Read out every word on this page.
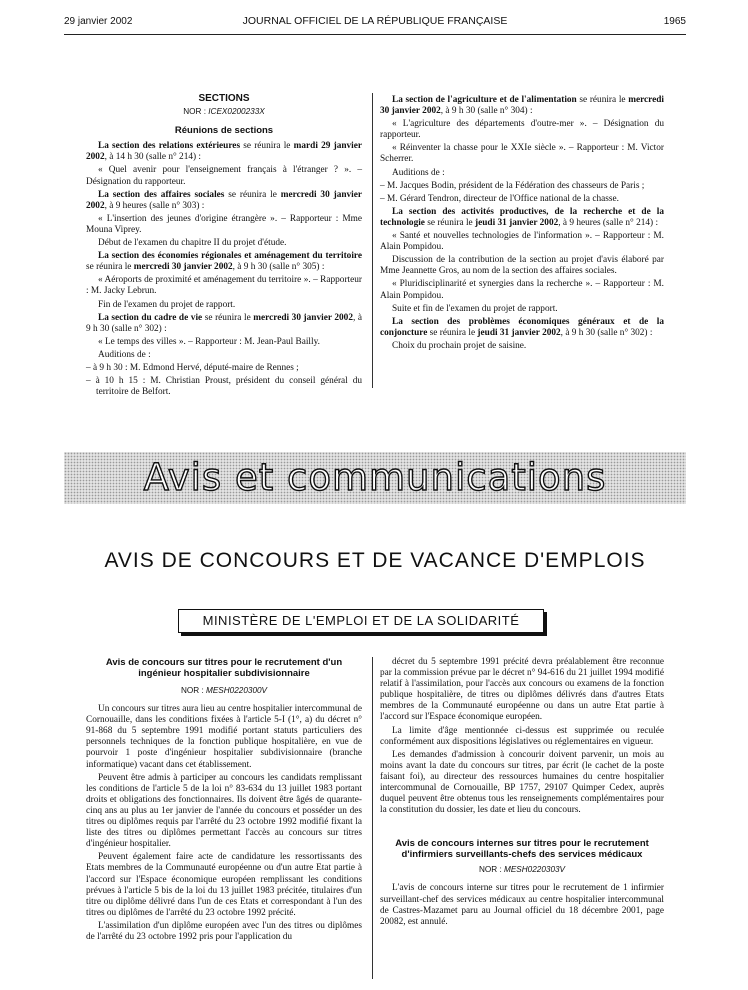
29 janvier 2002	JOURNAL OFFICIEL DE LA RÉPUBLIQUE FRANÇAISE	1965
SECTIONS
NOR : ICEX0200233X
Réunions de sections

La section des relations extérieures se réunira le mardi 29 janvier 2002, à 14 h 30 (salle n° 214) :

« Quel avenir pour l'enseignement français à l'étranger ? ». – Désignation du rapporteur.

La section des affaires sociales se réunira le mercredi 30 janvier 2002, à 9 heures (salle n° 303) :

« L'insertion des jeunes d'origine étrangère ». – Rapporteur : Mme Mouna Viprey.

Début de l'examen du chapitre II du projet d'étude.

La section des économies régionales et aménagement du territoire se réunira le mercredi 30 janvier 2002, à 9 h 30 (salle n° 305) :

« Aéroports de proximité et aménagement du territoire ». – Rapporteur : M. Jacky Lebrun.

Fin de l'examen du projet de rapport.

La section du cadre de vie se réunira le mercredi 30 janvier 2002, à 9 h 30 (salle n° 302) :

« Le temps des villes ». – Rapporteur : M. Jean-Paul Bailly.

Auditions de :

– à 9 h 30 : M. Edmond Hervé, député-maire de Rennes ;

– à 10 h 15 : M. Christian Proust, président du conseil général du territoire de Belfort.

La section de l'agriculture et de l'alimentation se réunira le mercredi 30 janvier 2002, à 9 h 30 (salle n° 304) :

« L'agriculture des départements d'outre-mer ». – Désignation du rapporteur.

« Réinventer la chasse pour le XXIe siècle ». – Rapporteur : M. Victor Scherrer.

Auditions de :

– M. Jacques Bodin, président de la Fédération des chasseurs de Paris ;

– M. Gérard Tendron, directeur de l'Office national de la chasse.

La section des activités productives, de la recherche et de la technologie se réunira le jeudi 31 janvier 2002, à 9 heures (salle n° 214) :

« Santé et nouvelles technologies de l'information ». – Rapporteur : M. Alain Pompidou.

Discussion de la contribution de la section au projet d'avis élaboré par Mme Jeannette Gros, au nom de la section des affaires sociales.

« Pluridisciplinarité et synergies dans la recherche ». – Rapporteur : M. Alain Pompidou.

Suite et fin de l'examen du projet de rapport.

La section des problèmes économiques généraux et de la conjoncture se réunira le jeudi 31 janvier 2002, à 9 h 30 (salle n° 302) :

Choix du prochain projet de saisine.

Avis et communications
AVIS DE CONCOURS ET DE VACANCE D'EMPLOIS
MINISTÈRE DE L'EMPLOI ET DE LA SOLIDARITÉ
Avis de concours sur titres pour le recrutement d'un ingénieur hospitalier subdivisionnaire
NOR : MESH0220300V

Un concours sur titres aura lieu au centre hospitalier intercommunal de Cornouaille, dans les conditions fixées à l'article 5-I (1°, a) du décret n° 91-868 du 5 septembre 1991 modifié portant statuts particuliers des personnels techniques de la fonction publique hospitalière, en vue de pourvoir 1 poste d'ingénieur hospitalier subdivisionnaire (branche informatique) vacant dans cet établissement.

Peuvent être admis à participer au concours les candidats remplissant les conditions de l'article 5 de la loi n° 83-634 du 13 juillet 1983 portant droits et obligations des fonctionnaires. Ils doivent être âgés de quarante-cinq ans au plus au 1er janvier de l'année du concours et posséder un des titres ou diplômes requis par l'arrêté du 23 octobre 1992 modifié fixant la liste des titres ou diplômes permettant l'accès au concours sur titres d'ingénieur hospitalier.

Peuvent également faire acte de candidature les ressortissants des Etats membres de la Communauté européenne ou d'un autre Etat partie à l'accord sur l'Espace économique européen remplissant les conditions prévues à l'article 5 bis de la loi du 13 juillet 1983 précitée, titulaires d'un titre ou diplôme délivré dans l'un de ces Etats et correspondant à l'un des titres ou diplômes de l'arrêté du 23 octobre 1992 précité.

L'assimilation d'un diplôme européen avec l'un des titres ou diplômes de l'arrêté du 23 octobre 1992 pris pour l'application du

décret du 5 septembre 1991 précité devra préalablement être reconnue par la commission prévue par le décret n° 94-616 du 21 juillet 1994 modifié relatif à l'assimilation, pour l'accès aux concours ou examens de la fonction publique hospitalière, de titres ou diplômes délivrés dans d'autres Etats membres de la Communauté européenne ou dans un autre Etat partie à l'accord sur l'Espace économique européen.

La limite d'âge mentionnée ci-dessus est supprimée ou reculée conformément aux dispositions législatives ou réglementaires en vigueur.

Les demandes d'admission à concourir doivent parvenir, un mois au moins avant la date du concours sur titres, par écrit (le cachet de la poste faisant foi), au directeur des ressources humaines du centre hospitalier intercommunal de Cornouaille, BP 1757, 29107 Quimper Cedex, auprès duquel peuvent être obtenus tous les renseignements complémentaires pour la constitution du dossier, les date et lieu du concours.

Avis de concours internes sur titres pour le recrutement d'infirmiers surveillants-chefs des services médicaux
NOR : MESH0220303V

L'avis de concours interne sur titres pour le recrutement de 1 infirmier surveillant-chef des services médicaux au centre hospitalier intercommunal de Castres-Mazamet paru au Journal officiel du 18 décembre 2001, page 20082, est annulé.
